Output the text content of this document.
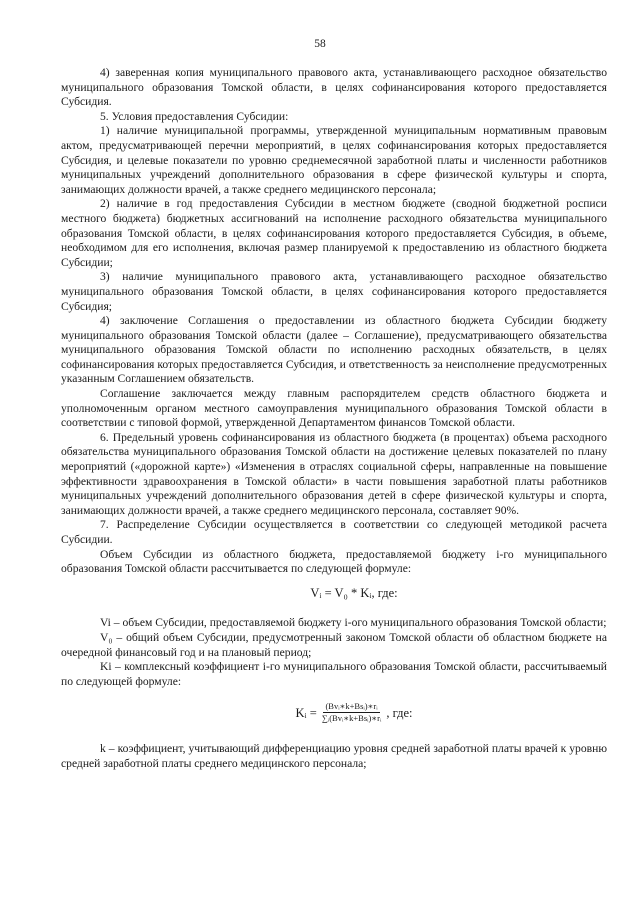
58

4) заверенная копия муниципального правового акта, устанавливающего расходное обязательство муниципального образования Томской области, в целях софинансирования которого предоставляется Субсидия.

5. Условия предоставления Субсидии:

1) наличие муниципальной программы, утвержденной муниципальным нормативным правовым актом, предусматривающей перечни мероприятий, в целях софинансирования которых предоставляется Субсидия, и целевые показатели по уровню среднемесячной заработной платы и численности работников муниципальных учреждений дополнительного образования в сфере физической культуры и спорта, занимающих должности врачей, а также среднего медицинского персонала;

2) наличие в год предоставления Субсидии в местном бюджете (сводной бюджетной росписи местного бюджета) бюджетных ассигнований на исполнение расходного обязательства муниципального образования Томской области, в целях софинансирования которого предоставляется Субсидия, в объеме, необходимом для его исполнения, включая размер планируемой к предоставлению из областного бюджета Субсидии;

3) наличие муниципального правового акта, устанавливающего расходное обязательство муниципального образования Томской области, в целях софинансирования которого предоставляется Субсидия;

4) заключение Соглашения о предоставлении из областного бюджета Субсидии бюджету муниципального образования Томской области (далее – Соглашение), предусматривающего обязательства муниципального образования Томской области по исполнению расходных обязательств, в целях софинансирования которых предоставляется Субсидия, и ответственность за неисполнение предусмотренных указанным Соглашением обязательств.

Соглашение заключается между главным распорядителем средств областного бюджета и уполномоченным органом местного самоуправления муниципального образования Томской области в соответствии с типовой формой, утвержденной Департаментом финансов Томской области.

6. Предельный уровень софинансирования из областного бюджета (в процентах) объема расходного обязательства муниципального образования Томской области на достижение целевых показателей по плану мероприятий («дорожной карте») «Изменения в отраслях социальной сферы, направленные на повышение эффективности здравоохранения в Томской области» в части повышения заработной платы работников муниципальных учреждений дополнительного образования детей в сфере физической культуры и спорта, занимающих должности врачей, а также среднего медицинского персонала, составляет 90%.

7. Распределение Субсидии осуществляется в соответствии со следующей методикой расчета Субсидии.

Объем Субсидии из областного бюджета, предоставляемой бюджету i-го муниципального образования Томской области рассчитывается по следующей формуле:

Vᵢ = V₀ * Kᵢ, где:

Vi – объем Субсидии, предоставляемой бюджету i-ого муниципального образования Томской области;

V₀ – общий объем Субсидии, предусмотренный законом Томской области об областном бюджете на очередной финансовый год и на плановый период;

Ki – комплексный коэффициент i-го муниципального образования Томской области, рассчитываемый по следующей формуле:

Kᵢ = $\frac{\text{(Bvᵢ∗k+Bsᵢ)∗rᵢ}}{\text{∑ᵢ(Bvᵢ∗k+Bsᵢ)∗rᵢ}}$ , где:

k – коэффициент, учитывающий дифференциацию уровня средней заработной платы врачей к уровню средней заработной платы среднего медицинского персонала;
